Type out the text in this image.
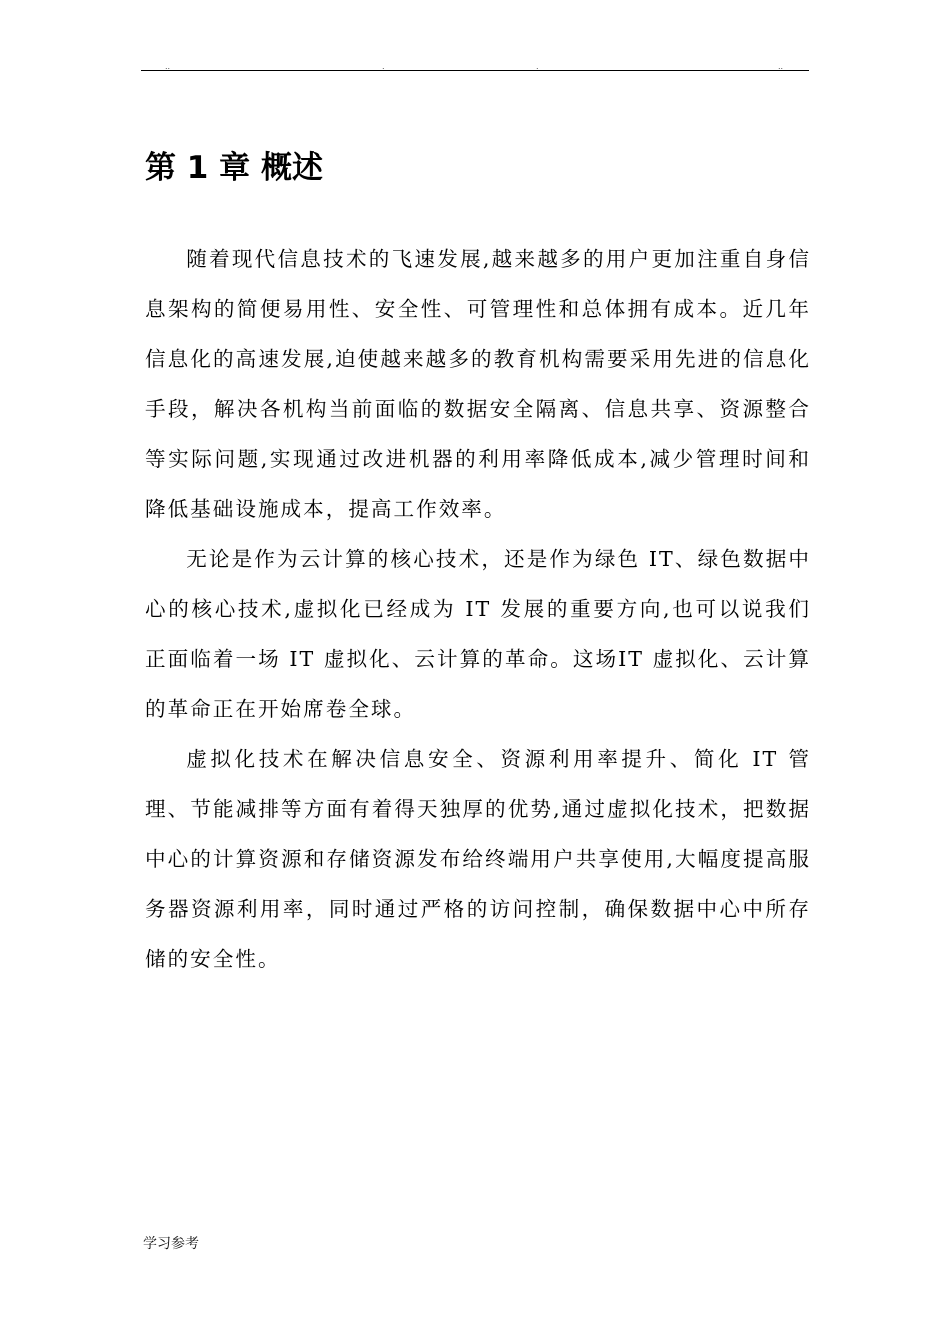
..	.	.	..
第 1 章 概述

随着现代信息技术的飞速发展,越来越多的用户更加注重自身信息架构的简便易用性、安全性、可管理性和总体拥有成本。近几年信息化的高速发展,迫使越来越多的教育机构需要采用先进的信息化手段，解决各机构当前面临的数据安全隔离、信息共享、资源整合等实际问题,实现通过改进机器的利用率降低成本,减少管理时间和降低基础设施成本，提高工作效率。

无论是作为云计算的核心技术，还是作为绿色 IT、绿色数据中心的核心技术,虚拟化已经成为 IT 发展的重要方向,也可以说我们正面临着一场 IT 虚拟化、云计算的革命。这场IT 虚拟化、云计算的革命正在开始席卷全球。

虚拟化技术在解决信息安全、资源利用率提升、简化 IT 管理、节能减排等方面有着得天独厚的优势,通过虚拟化技术，把数据中心的计算资源和存储资源发布给终端用户共享使用,大幅度提高服务器资源利用率，同时通过严格的访问控制，确保数据中心中所存储的安全性。

学习参考
